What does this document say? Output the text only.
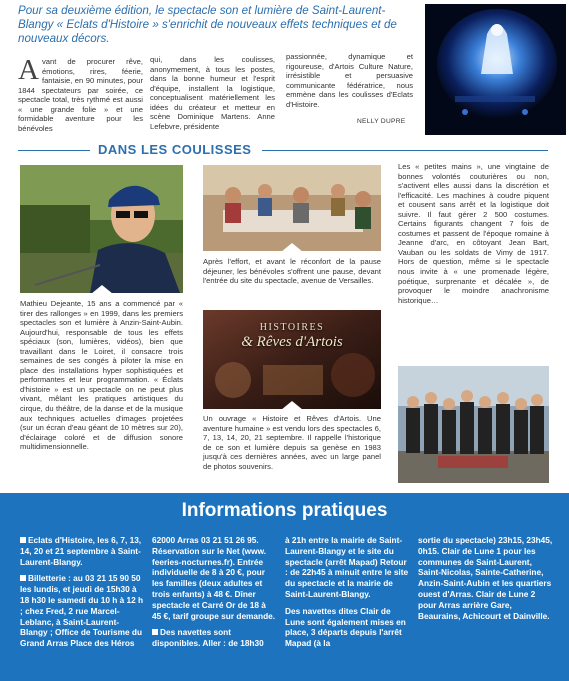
Pour sa deuxième édition, le spectacle son et lumière de Saint-Laurent-Blangy « Eclats d'Histoire » s'enrichit de nouveaux effets techniques et de nouveaux décors.
A vant de procurer rêve, émotions, rires, féerie, fantaisie, en 90 minutes, pour 1844 spectateurs par soirée, ce spectacle total, très rythmé est aussi « une grande folie » et une formidable aventure pour les bénévoles
qui, dans les coulisses, anonymement, à tous les postes, dans la bonne humeur et l'esprit d'équipe, installent la logistique, conceptualisent matériellement les idées du créateur et metteur en scène Dominique Martens. Anne Lefebvre, présidente
passionnée, dynamique et rigoureuse, d'Artois Culture Nature, irrésistible et persuasive communicante fédératrice, nous emmène dans les coulisses d'Eclats d'Histoire.
NELLY DUPRE
DANS LES COULISSES
HISTOIRES
& Rêves d'Artois
Mathieu Dejeante, 15 ans a commencé par « tirer des rallonges » en 1999, dans les premiers spectacles son et lumière à Anzin-Saint-Aubin. Aujourd'hui, responsable de tous les effets spéciaux (son, lumières, vidéos), bien que travaillant dans le Loiret, il consacre trois semaines de ses congés à piloter la mise en place des installations hyper sophistiquées et performantes et leur programmation. « Éclats d'histoire » est un spectacle on ne peut plus vivant, mêlant les pratiques artistiques du cirque, du théâtre, de la danse et de la musique aux techniques actuelles d'images projetées (sur un écran d'eau géant de 10 mètres sur 20), d'éclairage coloré et de diffusion sonore multidimensionnelle.
Après l'effort, et avant le réconfort de la pause déjeuner, les bénévoles s'offrent une pause, devant l'entrée du site du spectacle, avenue de Versailles.
Un ouvrage « Histoire et Rêves d'Artois. Une aventure humaine » est vendu lors des spectacles 6, 7, 13, 14, 20, 21 septembre. Il rappelle l'historique de ce son et lumière depuis sa genèse en 1983 jusqu'à ces dernières années, avec un large panel de photos souvenirs.
Les « petites mains », une vingtaine de bonnes volontés couturières ou non, s'activent elles aussi dans la discrétion et l'efficacité. Les machines à coudre piquent et cousent sans arrêt et la logistique doit suivre. Il faut gérer 2 500 costumes. Certains figurants changent 7 fois de costumes et passent de l'époque romaine à Jeanne d'arc, en côtoyant Jean Bart, Vauban ou les soldats de Vimy de 1917. Hors de question, même si le spectacle nous invite à « une promenade légère, poétique, surprenante et décalée », de provoquer le moindre anachronisme historique…
Informations pratiques

Eclats d'Histoire, les 6, 7, 13, 14, 20 et 21 septembre à Saint-Laurent-Blangy.

Billetterie : au 03 21 15 90 50 les lundis, et jeudi de 15h30 à 18 h30 le samedi du 10 h à 12 h ; chez Fred, 2 rue Marcel-Leblanc, à Saint-Laurent-Blangy ; Office de Tourisme du Grand Arras Place des Héros

62000 Arras 03 21 51 26 95. Réservation sur le Net (www. feeries-nocturnes.fr). Entrée individuelle de 8 à 20 €, pour les familles (deux adultes et trois enfants) à 48 €. Dîner spectacle et Carré Or de 18 à 45 €, tarif groupe sur demande.

Des navettes sont disponibles. Aller : de 18h30

à 21h entre la mairie de Saint-Laurent-Blangy et le site du spectacle (arrêt Mapad) Retour : de 22h45 à minuit entre le site du spectacle et la mairie de Saint-Laurent-Blangy.

Des navettes dites Clair de Lune sont également mises en place, 3 départs depuis l'arrêt Mapad (à la

sortie du spectacle) 23h15, 23h45, 0h15. Clair de Lune 1 pour les communes de Saint-Laurent, Saint-Nicolas, Sainte-Catherine, Anzin-Saint-Aubin et les quartiers ouest d'Arras. Clair de Lune 2 pour Arras arrière Gare, Beaurains, Achicourt et Dainville.
